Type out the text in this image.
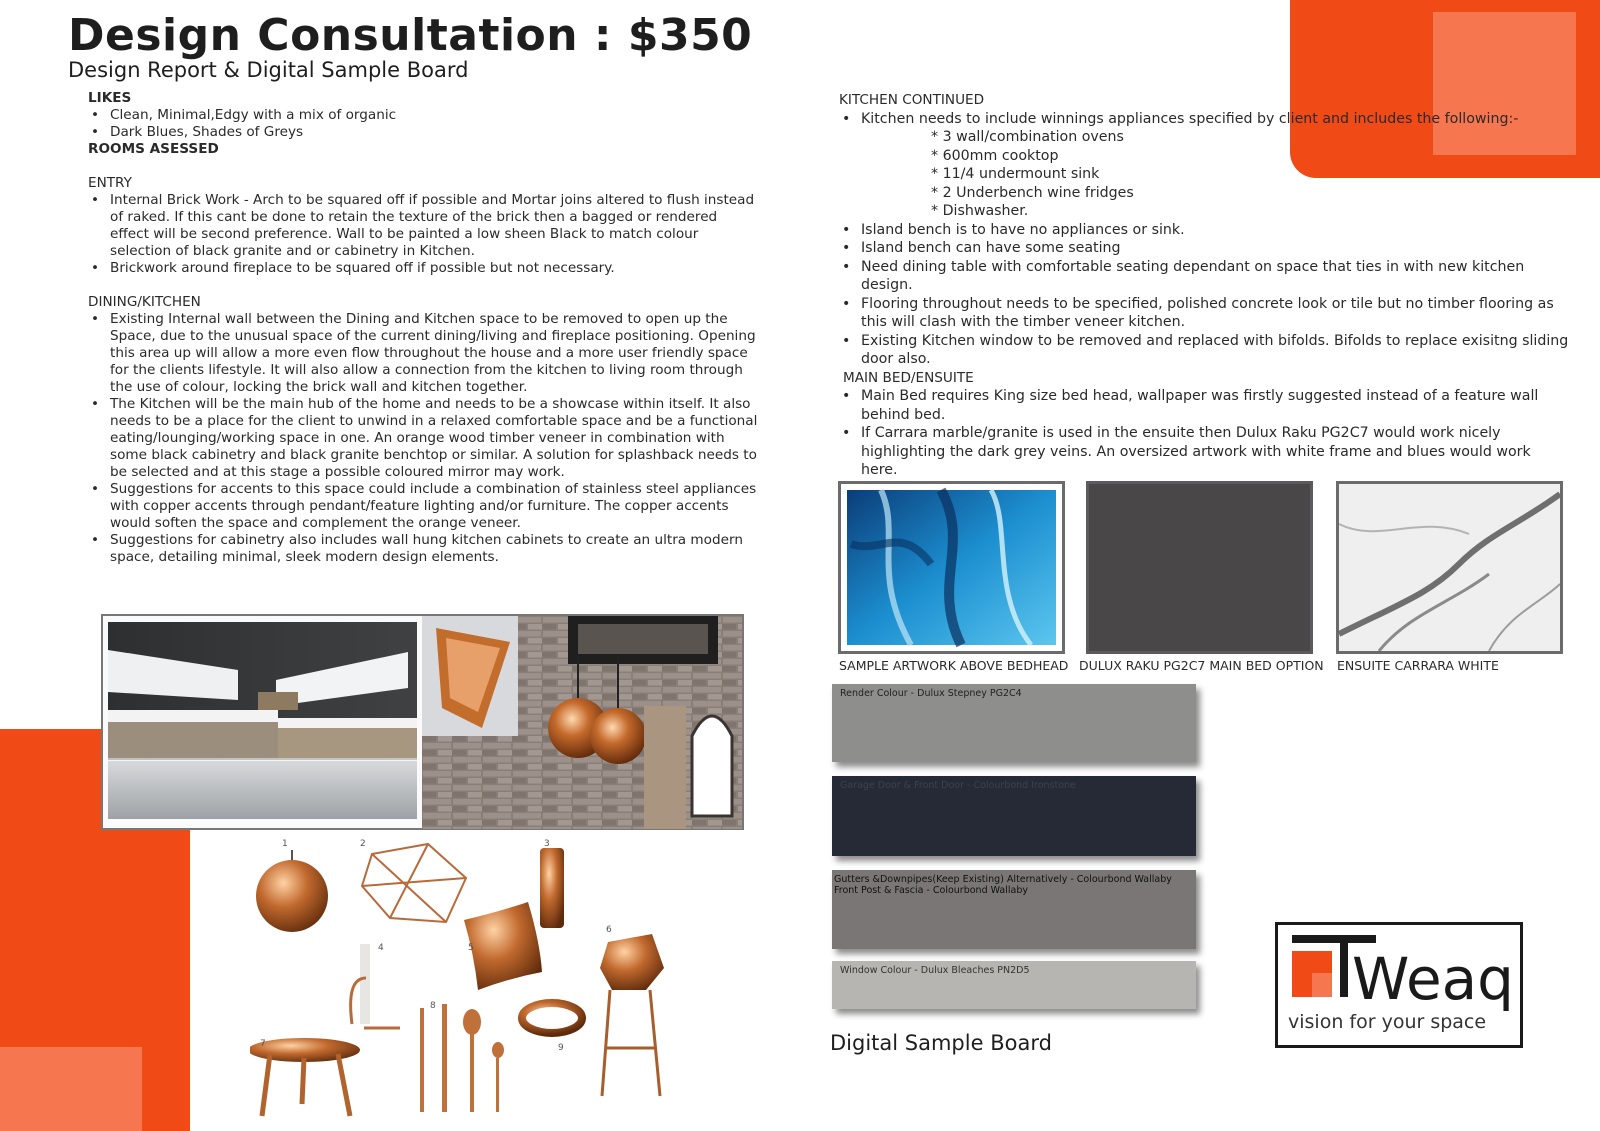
Design Consultation : $350
Design Report & Digital Sample Board
LIKES
• Clean, Minimal,Edgy with a mix of organic
• Dark Blues, Shades of Greys
ROOMS ASESSED
ENTRY
• Internal Brick Work - Arch to be squared off if possible and Mortar joins altered to flush instead of raked. If this cant be done to retain the texture of the brick then a bagged or rendered effect will be second preference. Wall to be painted a low sheen Black to match colour selection of black granite and or cabinetry in Kitchen.
• Brickwork around fireplace to be squared off if possible but not necessary.
DINING/KITCHEN
• Existing Internal wall between the Dining and Kitchen space to be removed to open up the Space, due to the unusual space of the current dining/living and fireplace positioning. Opening this area up will allow a more even flow throughout the house and a more user friendly space for the clients lifestyle. It will also allow a connection from the kitchen to living room through the use of colour, locking the brick wall and kitchen together.
• The Kitchen will be the main hub of the home and needs to be a showcase within itself. It also needs to be a place for the client to unwind in a relaxed comfortable space and be a functional eating/lounging/working space in one. An orange wood timber veneer in combination with some black cabinetry and black granite benchtop or similar. A solution for splashback needs to be selected and at this stage a possible coloured mirror may work.
• Suggestions for accents to this space could include a combination of stainless steel appliances with copper accents through pendant/feature lighting and/or furniture. The copper accents would soften the space and complement the orange veneer.
• Suggestions for cabinetry also includes wall hung kitchen cabinets to create an ultra modern space, detailing minimal, sleek modern design elements.
KITCHEN CONTINUED
• Kitchen needs to include winnings appliances specified by client and includes the following:-
* 3 wall/combination ovens
* 600mm cooktop
* 11/4 undermount sink
* 2 Underbench wine fridges
* Dishwasher.
• Island bench is to have no appliances or sink.
• Island bench can have some seating
• Need dining table with comfortable seating dependant on space that ties in with new kitchen design.
• Flooring throughout needs to be specified, polished concrete look or tile but no timber flooring as this will clash with the timber veneer kitchen.
• Existing Kitchen window to be removed and replaced with bifolds. Bifolds to replace exisitng sliding door also.
MAIN BED/ENSUITE
• Main Bed requires King size bed head, wallpaper was firstly suggested instead of a feature wall behind bed.
• If Carrara marble/granite is used in the ensuite then Dulux Raku PG2C7 would work nicely highlighting the dark grey veins. An oversized artwork with white frame and blues would work here.
1	2	3
4	5
6
7
8
9
SAMPLE ARTWORK ABOVE BEDHEAD DULUX RAKU PG2C7 MAIN BED OPTION ENSUITE CARRARA WHITE
Render Colour - Dulux Stepney PG2C4
Garage Door & Front Door - Colourbond Ironstone
Gutters &Downpipes(Keep Existing) Alternatively - Colourbond Wallaby
Front Post & Fascia - Colourbond Wallaby
Window Colour - Dulux Bleaches PN2D5
Digital Sample Board
Weaq
vision for your space
